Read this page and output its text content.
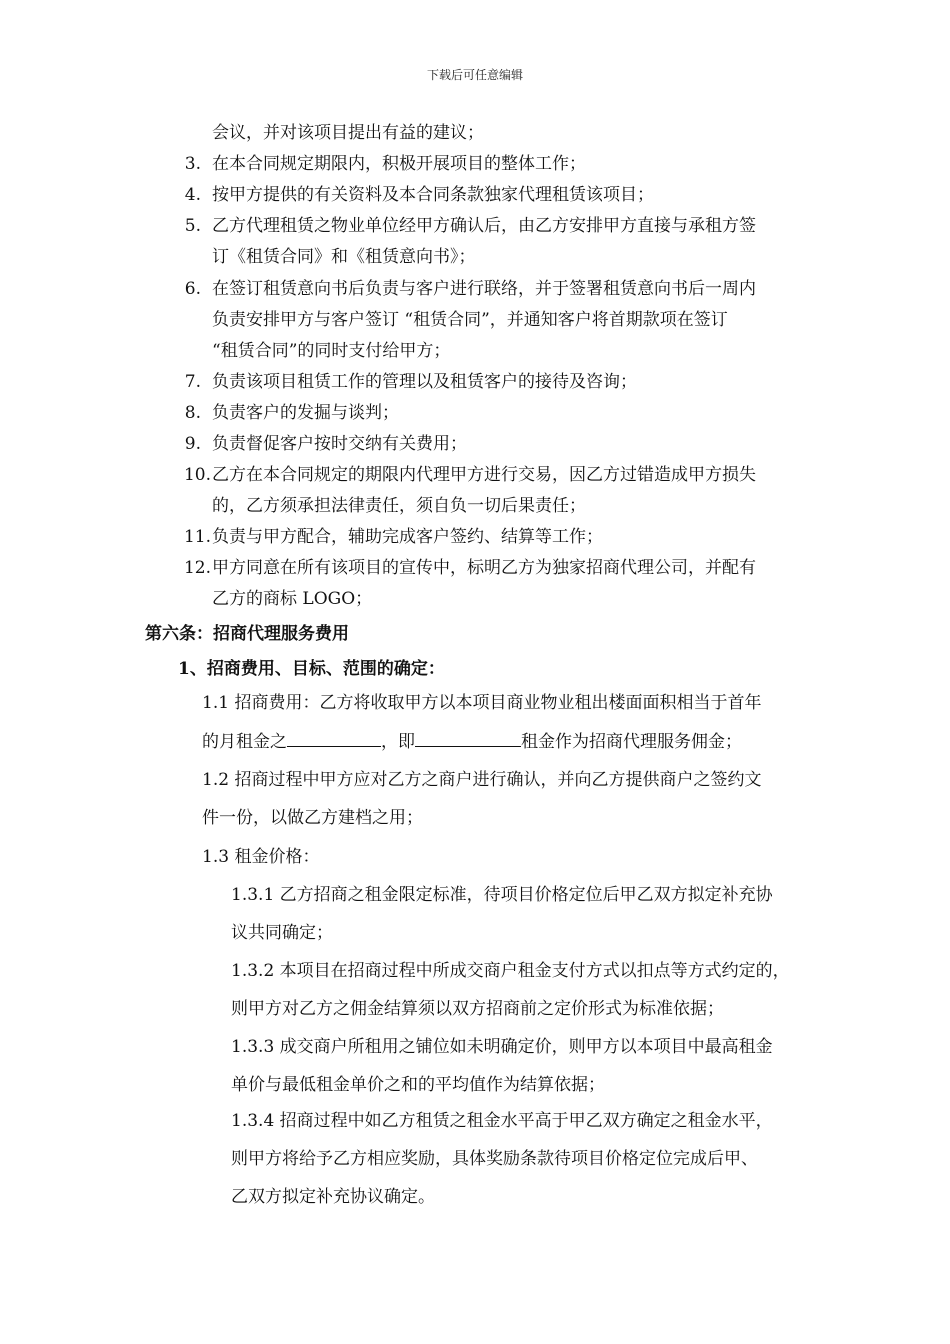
下载后可任意编辑
会议，并对该项目提出有益的建议；
3. 在本合同规定期限内，积极开展项目的整体工作；
4. 按甲方提供的有关资料及本合同条款独家代理租赁该项目；
5. 乙方代理租赁之物业单位经甲方确认后，由乙方安排甲方直接与承租方签
订《租赁合同》和《租赁意向书》；
6. 在签订租赁意向书后负责与客户进行联络，并于签署租赁意向书后一周内
负责安排甲方与客户签订 “租赁合同”，并通知客户将首期款项在签订
“租赁合同”的同时支付给甲方；
7. 负责该项目租赁工作的管理以及租赁客户的接待及咨询；
8. 负责客户的发掘与谈判；
9. 负责督促客户按时交纳有关费用；
10. 乙方在本合同规定的期限内代理甲方进行交易，因乙方过错造成甲方损失
的，乙方须承担法律责任，须自负一切后果责任；
11. 负责与甲方配合，辅助完成客户签约、结算等工作；
12. 甲方同意在所有该项目的宣传中，标明乙方为独家招商代理公司，并配有
乙方的商标 LOGO；
第六条：招商代理服务费用
1、招商费用、目标、范围的确定：
1.1 招商费用：乙方将收取甲方以本项目商业物业租出楼面面积相当于首年
的月租金之	，即	租金作为招商代理服务佣金；
1.2 招商过程中甲方应对乙方之商户进行确认，并向乙方提供商户之签约文
件一份，以做乙方建档之用；
1.3 租金价格：
1.3.1 乙方招商之租金限定标准，待项目价格定位后甲乙双方拟定补充协
议共同确定；
1.3.2 本项目在招商过程中所成交商户租金支付方式以扣点等方式约定的，
则甲方对乙方之佣金结算须以双方招商前之定价形式为标准依据；
1.3.3 成交商户所租用之铺位如未明确定价，则甲方以本项目中最高租金
单价与最低租金单价之和的平均值作为结算依据；
1.3.4 招商过程中如乙方租赁之租金水平高于甲乙双方确定之租金水平，
则甲方将给予乙方相应奖励，具体奖励条款待项目价格定位完成后甲、
乙双方拟定补充协议确定。
